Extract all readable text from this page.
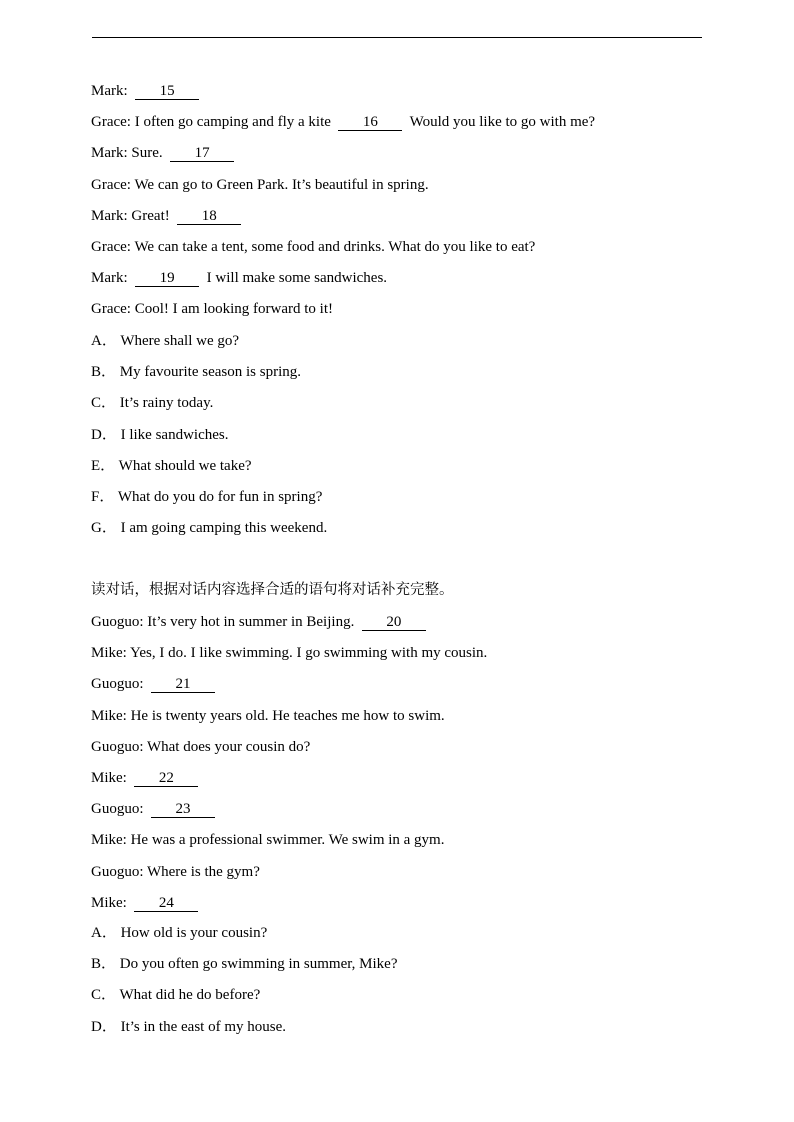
Mark: 15
Grace: I often go camping and fly a kite 16 Would you like to go with me?
Mark: Sure. 17
Grace: We can go to Green Park. It’s beautiful in spring.
Mark: Great! 18
Grace: We can take a tent, some food and drinks. What do you like to eat?
Mark: 19 I will make some sandwiches.
Grace: Cool! I am looking forward to it!
A． Where shall we go?
B． My favourite season is spring.
C． It’s rainy today.
D． I like sandwiches.
E． What should we take?
F． What do you do for fun in spring?
G． I am going camping this weekend.
读对话，根据对话内容选择合适的语句将对话补充完整。
Guoguo: It’s very hot in summer in Beijing. 20
Mike: Yes, I do. I like swimming. I go swimming with my cousin.
Guoguo: 21
Mike: He is twenty years old. He teaches me how to swim.
Guoguo: What does your cousin do?
Mike: 22
Guoguo: 23
Mike: He was a professional swimmer. We swim in a gym.
Guoguo: Where is the gym?
Mike: 24
A． How old is your cousin?
B． Do you often go swimming in summer, Mike?
C． What did he do before?
D． It’s in the east of my house.
